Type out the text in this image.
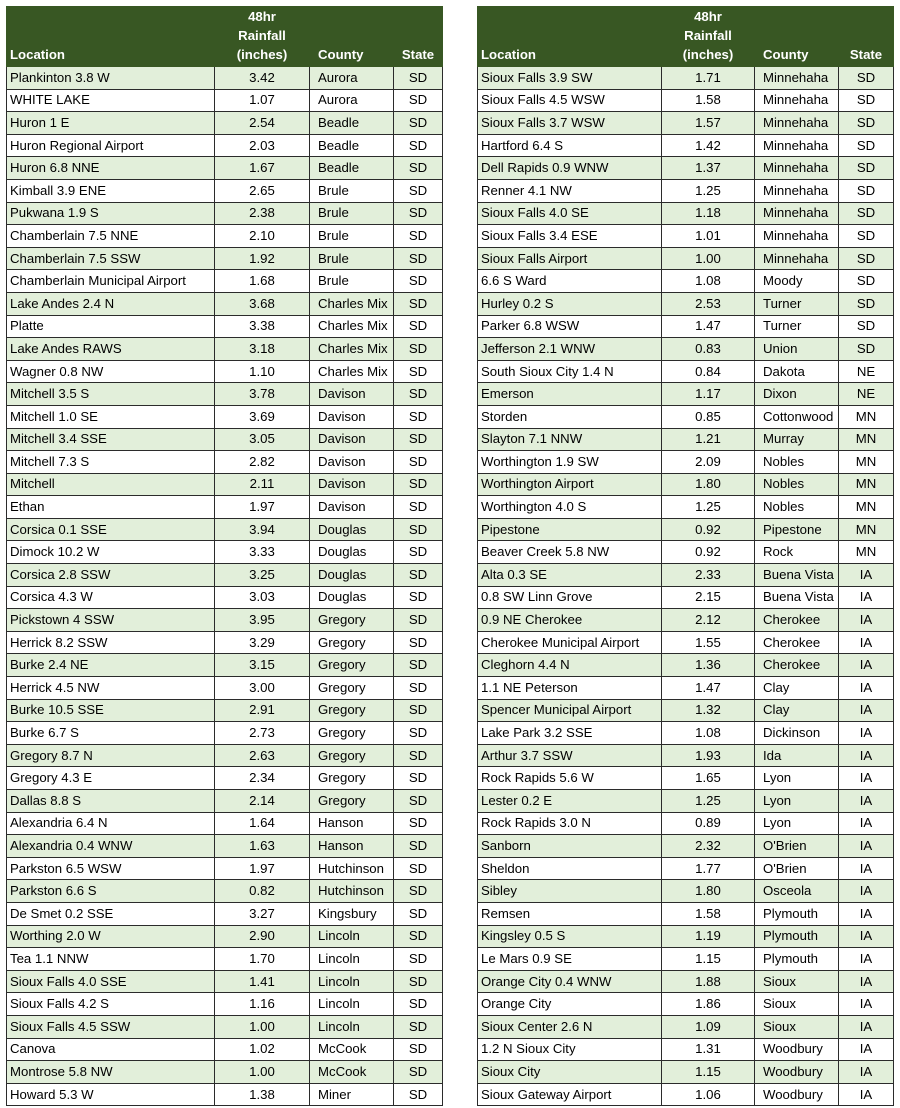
Location	48hr
Rainfall
(inches)	County	State
Plankinton 3.8 W	3.42	Aurora	SD
WHITE LAKE	1.07	Aurora	SD
Huron 1 E	2.54	Beadle	SD
Huron Regional Airport	2.03	Beadle	SD
Huron 6.8 NNE	1.67	Beadle	SD
Kimball 3.9 ENE	2.65	Brule	SD
Pukwana 1.9 S	2.38	Brule	SD
Chamberlain 7.5 NNE	2.10	Brule	SD
Chamberlain 7.5 SSW	1.92	Brule	SD
Chamberlain Municipal Airport	1.68	Brule	SD
Lake Andes 2.4 N	3.68	Charles Mix	SD
Platte	3.38	Charles Mix	SD
Lake Andes RAWS	3.18	Charles Mix	SD
Wagner 0.8 NW	1.10	Charles Mix	SD
Mitchell 3.5 S	3.78	Davison	SD
Mitchell 1.0 SE	3.69	Davison	SD
Mitchell 3.4 SSE	3.05	Davison	SD
Mitchell 7.3 S	2.82	Davison	SD
Mitchell	2.11	Davison	SD
Ethan	1.97	Davison	SD
Corsica 0.1 SSE	3.94	Douglas	SD
Dimock 10.2 W	3.33	Douglas	SD
Corsica 2.8 SSW	3.25	Douglas	SD
Corsica 4.3 W	3.03	Douglas	SD
Pickstown 4 SSW	3.95	Gregory	SD
Herrick 8.2 SSW	3.29	Gregory	SD
Burke 2.4 NE	3.15	Gregory	SD
Herrick 4.5 NW	3.00	Gregory	SD
Burke 10.5 SSE	2.91	Gregory	SD
Burke 6.7 S	2.73	Gregory	SD
Gregory 8.7 N	2.63	Gregory	SD
Gregory 4.3 E	2.34	Gregory	SD
Dallas 8.8 S	2.14	Gregory	SD
Alexandria 6.4 N	1.64	Hanson	SD
Alexandria 0.4 WNW	1.63	Hanson	SD
Parkston 6.5 WSW	1.97	Hutchinson	SD
Parkston 6.6 S	0.82	Hutchinson	SD
De Smet 0.2 SSE	3.27	Kingsbury	SD
Worthing 2.0 W	2.90	Lincoln	SD
Tea 1.1 NNW	1.70	Lincoln	SD
Sioux Falls 4.0 SSE	1.41	Lincoln	SD
Sioux Falls 4.2 S	1.16	Lincoln	SD
Sioux Falls 4.5 SSW	1.00	Lincoln	SD
Canova	1.02	McCook	SD
Montrose 5.8 NW	1.00	McCook	SD
Howard 5.3 W	1.38	Miner	SD
Location	48hr
Rainfall
(inches)	County	State
Sioux Falls 3.9 SW	1.71	Minnehaha	SD
Sioux Falls 4.5 WSW	1.58	Minnehaha	SD
Sioux Falls 3.7 WSW	1.57	Minnehaha	SD
Hartford 6.4 S	1.42	Minnehaha	SD
Dell Rapids 0.9 WNW	1.37	Minnehaha	SD
Renner 4.1 NW	1.25	Minnehaha	SD
Sioux Falls 4.0 SE	1.18	Minnehaha	SD
Sioux Falls 3.4 ESE	1.01	Minnehaha	SD
Sioux Falls Airport	1.00	Minnehaha	SD
6.6 S Ward	1.08	Moody	SD
Hurley 0.2 S	2.53	Turner	SD
Parker 6.8 WSW	1.47	Turner	SD
Jefferson 2.1 WNW	0.83	Union	SD
South Sioux City 1.4 N	0.84	Dakota	NE
Emerson	1.17	Dixon	NE
Storden	0.85	Cottonwood	MN
Slayton 7.1 NNW	1.21	Murray	MN
Worthington 1.9 SW	2.09	Nobles	MN
Worthington Airport	1.80	Nobles	MN
Worthington 4.0 S	1.25	Nobles	MN
Pipestone	0.92	Pipestone	MN
Beaver Creek 5.8 NW	0.92	Rock	MN
Alta 0.3 SE	2.33	Buena Vista	IA
0.8 SW Linn Grove	2.15	Buena Vista	IA
0.9 NE Cherokee	2.12	Cherokee	IA
Cherokee Municipal Airport	1.55	Cherokee	IA
Cleghorn 4.4 N	1.36	Cherokee	IA
1.1 NE Peterson	1.47	Clay	IA
Spencer Municipal Airport	1.32	Clay	IA
Lake Park 3.2 SSE	1.08	Dickinson	IA
Arthur 3.7 SSW	1.93	Ida	IA
Rock Rapids 5.6 W	1.65	Lyon	IA
Lester 0.2 E	1.25	Lyon	IA
Rock Rapids 3.0 N	0.89	Lyon	IA
Sanborn	2.32	O'Brien	IA
Sheldon	1.77	O'Brien	IA
Sibley	1.80	Osceola	IA
Remsen	1.58	Plymouth	IA
Kingsley 0.5 S	1.19	Plymouth	IA
Le Mars 0.9 SE	1.15	Plymouth	IA
Orange City 0.4 WNW	1.88	Sioux	IA
Orange City	1.86	Sioux	IA
Sioux Center 2.6 N	1.09	Sioux	IA
1.2 N Sioux City	1.31	Woodbury	IA
Sioux City	1.15	Woodbury	IA
Sioux Gateway Airport	1.06	Woodbury	IA
